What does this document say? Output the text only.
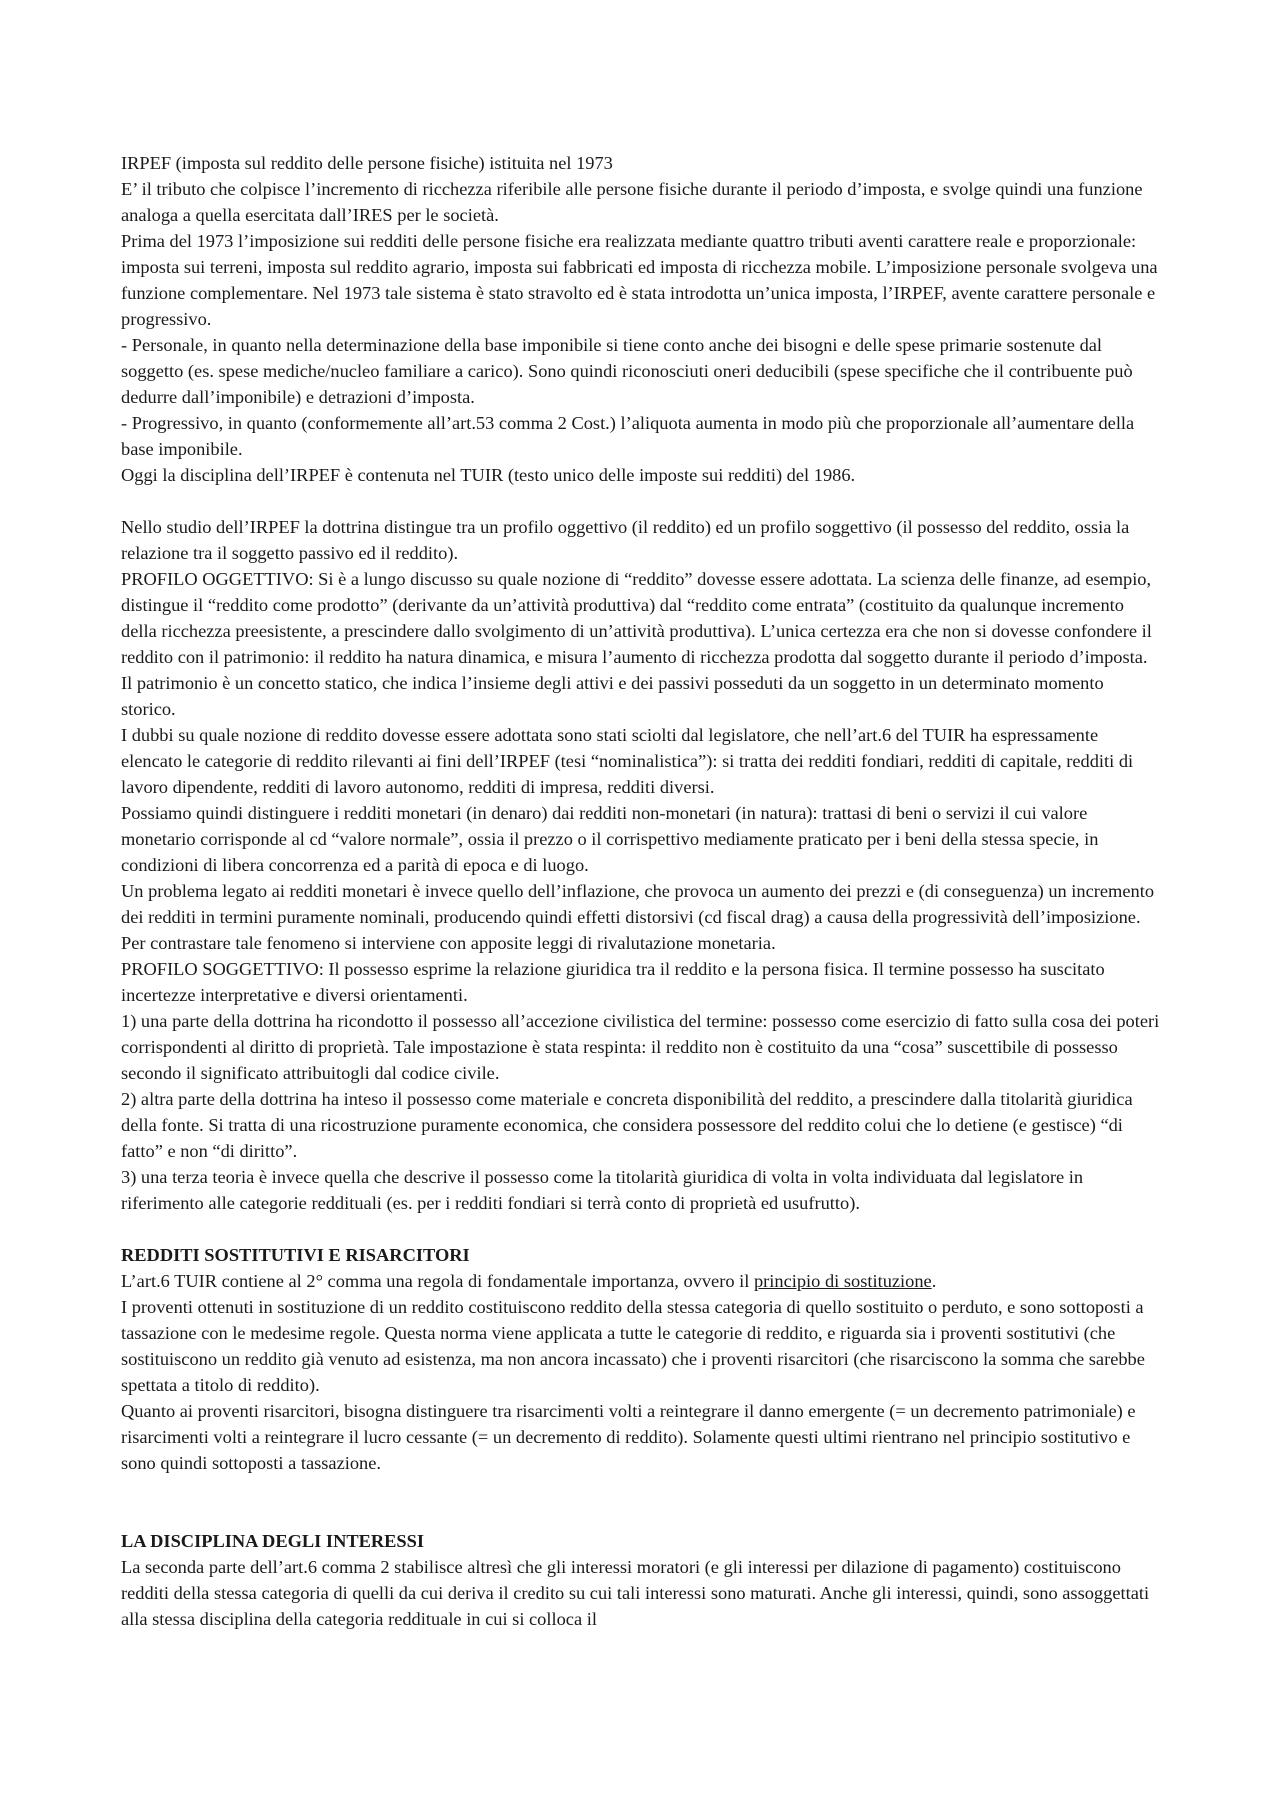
IRPEF (imposta sul reddito delle persone fisiche) istituita nel 1973

E’ il tributo che colpisce l’incremento di ricchezza riferibile alle persone fisiche durante il periodo d’imposta, e svolge quindi una funzione analoga a quella esercitata dall’IRES per le società.

Prima del 1973 l’imposizione sui redditi delle persone fisiche era realizzata mediante quattro tributi aventi carattere reale e proporzionale: imposta sui terreni, imposta sul reddito agrario, imposta sui fabbricati ed imposta di ricchezza mobile. L’imposizione personale svolgeva una funzione complementare. Nel 1973 tale sistema è stato stravolto ed è stata introdotta un’unica imposta, l’IRPEF, avente carattere personale e progressivo.

- Personale, in quanto nella determinazione della base imponibile si tiene conto anche dei bisogni e delle spese primarie sostenute dal soggetto (es. spese mediche/nucleo familiare a carico). Sono quindi riconosciuti oneri deducibili (spese specifiche che il contribuente può dedurre dall’imponibile) e detrazioni d’imposta.

- Progressivo, in quanto (conformemente all’art.53 comma 2 Cost.) l’aliquota aumenta in modo più che proporzionale all’aumentare della base imponibile.

Oggi la disciplina dell’IRPEF è contenuta nel TUIR (testo unico delle imposte sui redditi) del 1986.

Nello studio dell’IRPEF la dottrina distingue tra un profilo oggettivo (il reddito) ed un profilo soggettivo (il possesso del reddito, ossia la relazione tra il soggetto passivo ed il reddito).

PROFILO OGGETTIVO: Si è a lungo discusso su quale nozione di “reddito” dovesse essere adottata. La scienza delle finanze, ad esempio, distingue il “reddito come prodotto” (derivante da un’attività produttiva) dal “reddito come entrata” (costituito da qualunque incremento della ricchezza preesistente, a prescindere dallo svolgimento di un’attività produttiva). L’unica certezza era che non si dovesse confondere il reddito con il patrimonio: il reddito ha natura dinamica, e misura l’aumento di ricchezza prodotta dal soggetto durante il periodo d’imposta. Il patrimonio è un concetto statico, che indica l’insieme degli attivi e dei passivi posseduti da un soggetto in un determinato momento storico.

I dubbi su quale nozione di reddito dovesse essere adottata sono stati sciolti dal legislatore, che nell’art.6 del TUIR ha espressamente elencato le categorie di reddito rilevanti ai fini dell’IRPEF (tesi “nominalistica”): si tratta dei redditi fondiari, redditi di capitale, redditi di lavoro dipendente, redditi di lavoro autonomo, redditi di impresa, redditi diversi.

Possiamo quindi distinguere i redditi monetari (in denaro) dai redditi non-monetari (in natura): trattasi di beni o servizi il cui valore monetario corrisponde al cd “valore normale”, ossia il prezzo o il corrispettivo mediamente praticato per i beni della stessa specie, in condizioni di libera concorrenza ed a parità di epoca e di luogo.

Un problema legato ai redditi monetari è invece quello dell’inflazione, che provoca un aumento dei prezzi e (di conseguenza) un incremento dei redditi in termini puramente nominali, producendo quindi effetti distorsivi (cd fiscal drag) a causa della progressività dell’imposizione. Per contrastare tale fenomeno si interviene con apposite leggi di rivalutazione monetaria.

PROFILO SOGGETTIVO: Il possesso esprime la relazione giuridica tra il reddito e la persona fisica. Il termine possesso ha suscitato incertezze interpretative e diversi orientamenti.

1) una parte della dottrina ha ricondotto il possesso all’accezione civilistica del termine: possesso come esercizio di fatto sulla cosa dei poteri corrispondenti al diritto di proprietà. Tale impostazione è stata respinta: il reddito non è costituito da una “cosa” suscettibile di possesso secondo il significato attribuitogli dal codice civile.

2) altra parte della dottrina ha inteso il possesso come materiale e concreta disponibilità del reddito, a prescindere dalla titolarità giuridica della fonte. Si tratta di una ricostruzione puramente economica, che considera possessore del reddito colui che lo detiene (e gestisce) “di fatto” e non “di diritto”.

3) una terza teoria è invece quella che descrive il possesso come la titolarità giuridica di volta in volta individuata dal legislatore in riferimento alle categorie reddituali (es. per i redditi fondiari si terrà conto di proprietà ed usufrutto).

REDDITI SOSTITUTIVI E RISARCITORI

L’art.6 TUIR contiene al 2° comma una regola di fondamentale importanza, ovvero il principio di sostituzione.

I proventi ottenuti in sostituzione di un reddito costituiscono reddito della stessa categoria di quello sostituito o perduto, e sono sottoposti a tassazione con le medesime regole. Questa norma viene applicata a tutte le categorie di reddito, e riguarda sia i proventi sostitutivi (che sostituiscono un reddito già venuto ad esistenza, ma non ancora incassato) che i proventi risarcitori (che risarciscono la somma che sarebbe spettata a titolo di reddito).

Quanto ai proventi risarcitori, bisogna distinguere tra risarcimenti volti a reintegrare il danno emergente (= un decremento patrimoniale) e risarcimenti volti a reintegrare il lucro cessante (= un decremento di reddito). Solamente questi ultimi rientrano nel principio sostitutivo e sono quindi sottoposti a tassazione.

LA DISCIPLINA DEGLI INTERESSI

La seconda parte dell’art.6 comma 2 stabilisce altresì che gli interessi moratori (e gli interessi per dilazione di pagamento) costituiscono redditi della stessa categoria di quelli da cui deriva il credito su cui tali interessi sono maturati. Anche gli interessi, quindi, sono assoggettati alla stessa disciplina della categoria reddituale in cui si colloca il
